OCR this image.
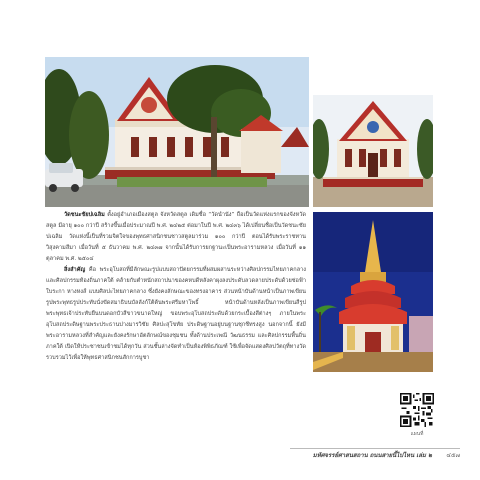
วัดชนะชัยปเฉลิม ตั้งอยู่อำเภอเมืองสตูล จังหวัดสตูล เดิมชื่อ “วัดนำนัง” ถือเป็นวัดแห่งแรกของจังหวัดสตูล มีอายุ ๑๐๐ กว่าปี สร้างขึ้นเมื่อประมาณปี พ.ศ. ๒๔๒๕ ต่อมาในปี พ.ศ. ๒๔๓๖ ได้เปลี่ยนชื่อเป็นวัดชนะชัยปเฉลิม วัดแห่งนี้เป็นที่รวมจิตใจของพุทธศาสนิกชนชาวสตูลมาร่วม ๑๐๐ กว่าปี ตอนได้รับพระราชทานวิสุงคามสีมา เมื่อวันที่ ๕ ธันวาคม พ.ศ. ๒๔๓๗ จากนั้นได้รับการยกฐานะเป็นพระอารามหลวง เมื่อวันที่ ๑๑ ตุลาคม พ.ศ. ๒๕๐๔

สิ่งสำคัญ คือ พระอุโบสถที่มีลักษณะรูปแบบสถาปัตยกรรมที่ผสมผสานระหว่างศิลปกรรมไทยภาคกลาง และศิลปกรรมท้องถิ่นภาคใต้ คล้ายกับตำหนักสถาปนาของคหบดีหลังคาผุงลงประดับลวดลายประดับด้วยช่อฟ้า ใบระกา หางหงส์ แบบศิลปะไทยภาคกลาง ซึ่งยังคงลักษณะของทรงอาคาร ส่วนหน้าบันด้านหน้าเป็นภาพเขียนรูปพระพุทธรูปประทับนั่งขัดสมาธิบนบัลลังก์ใต้ต้นพระศรีมหาโพธิ์ หน้าบันด้านหลังเป็นภาพเขียนสีรูปพระพุทธเจ้าประทับยืนบนดอกบัวสีขาวขนาดใหญ่ ขอบพระอุโบสถประดับด้วยกระเบื้องสีต่างๆ ภายในพระอุโบสถประดิษฐานพระประธานปางมารวิชัย ศิลปะสุโขทัย ประดิษฐานอยู่บนฐานชุกชีทรงสูง นอกจากนี้ ยังมีพระอารามหลวงที่สำคัญและยังคงรักษาอัตลักษณ์ของชุมชน ทั้งด้านประเพณี วัฒนธรรม และศิลปกรรมพื้นถิ่นภาคใต้ เปิดให้ประชาชนเข้าชมได้ทุกวัน ส่วนชั้นล่างจัดทำเป็นห้องพิพิธภัณฑ์ ใช้เพื่อจัดแสดงศิลปวัตถุที่ทางวัดรวบรวมไว้เพื่อให้พุทธศาสนิกชนสักการบูชา

แผนที่
มหัศจรรย์ศาสนสถาน ถนนสายนี้ไปไหน เล่ม ๒ ๔๕๗
